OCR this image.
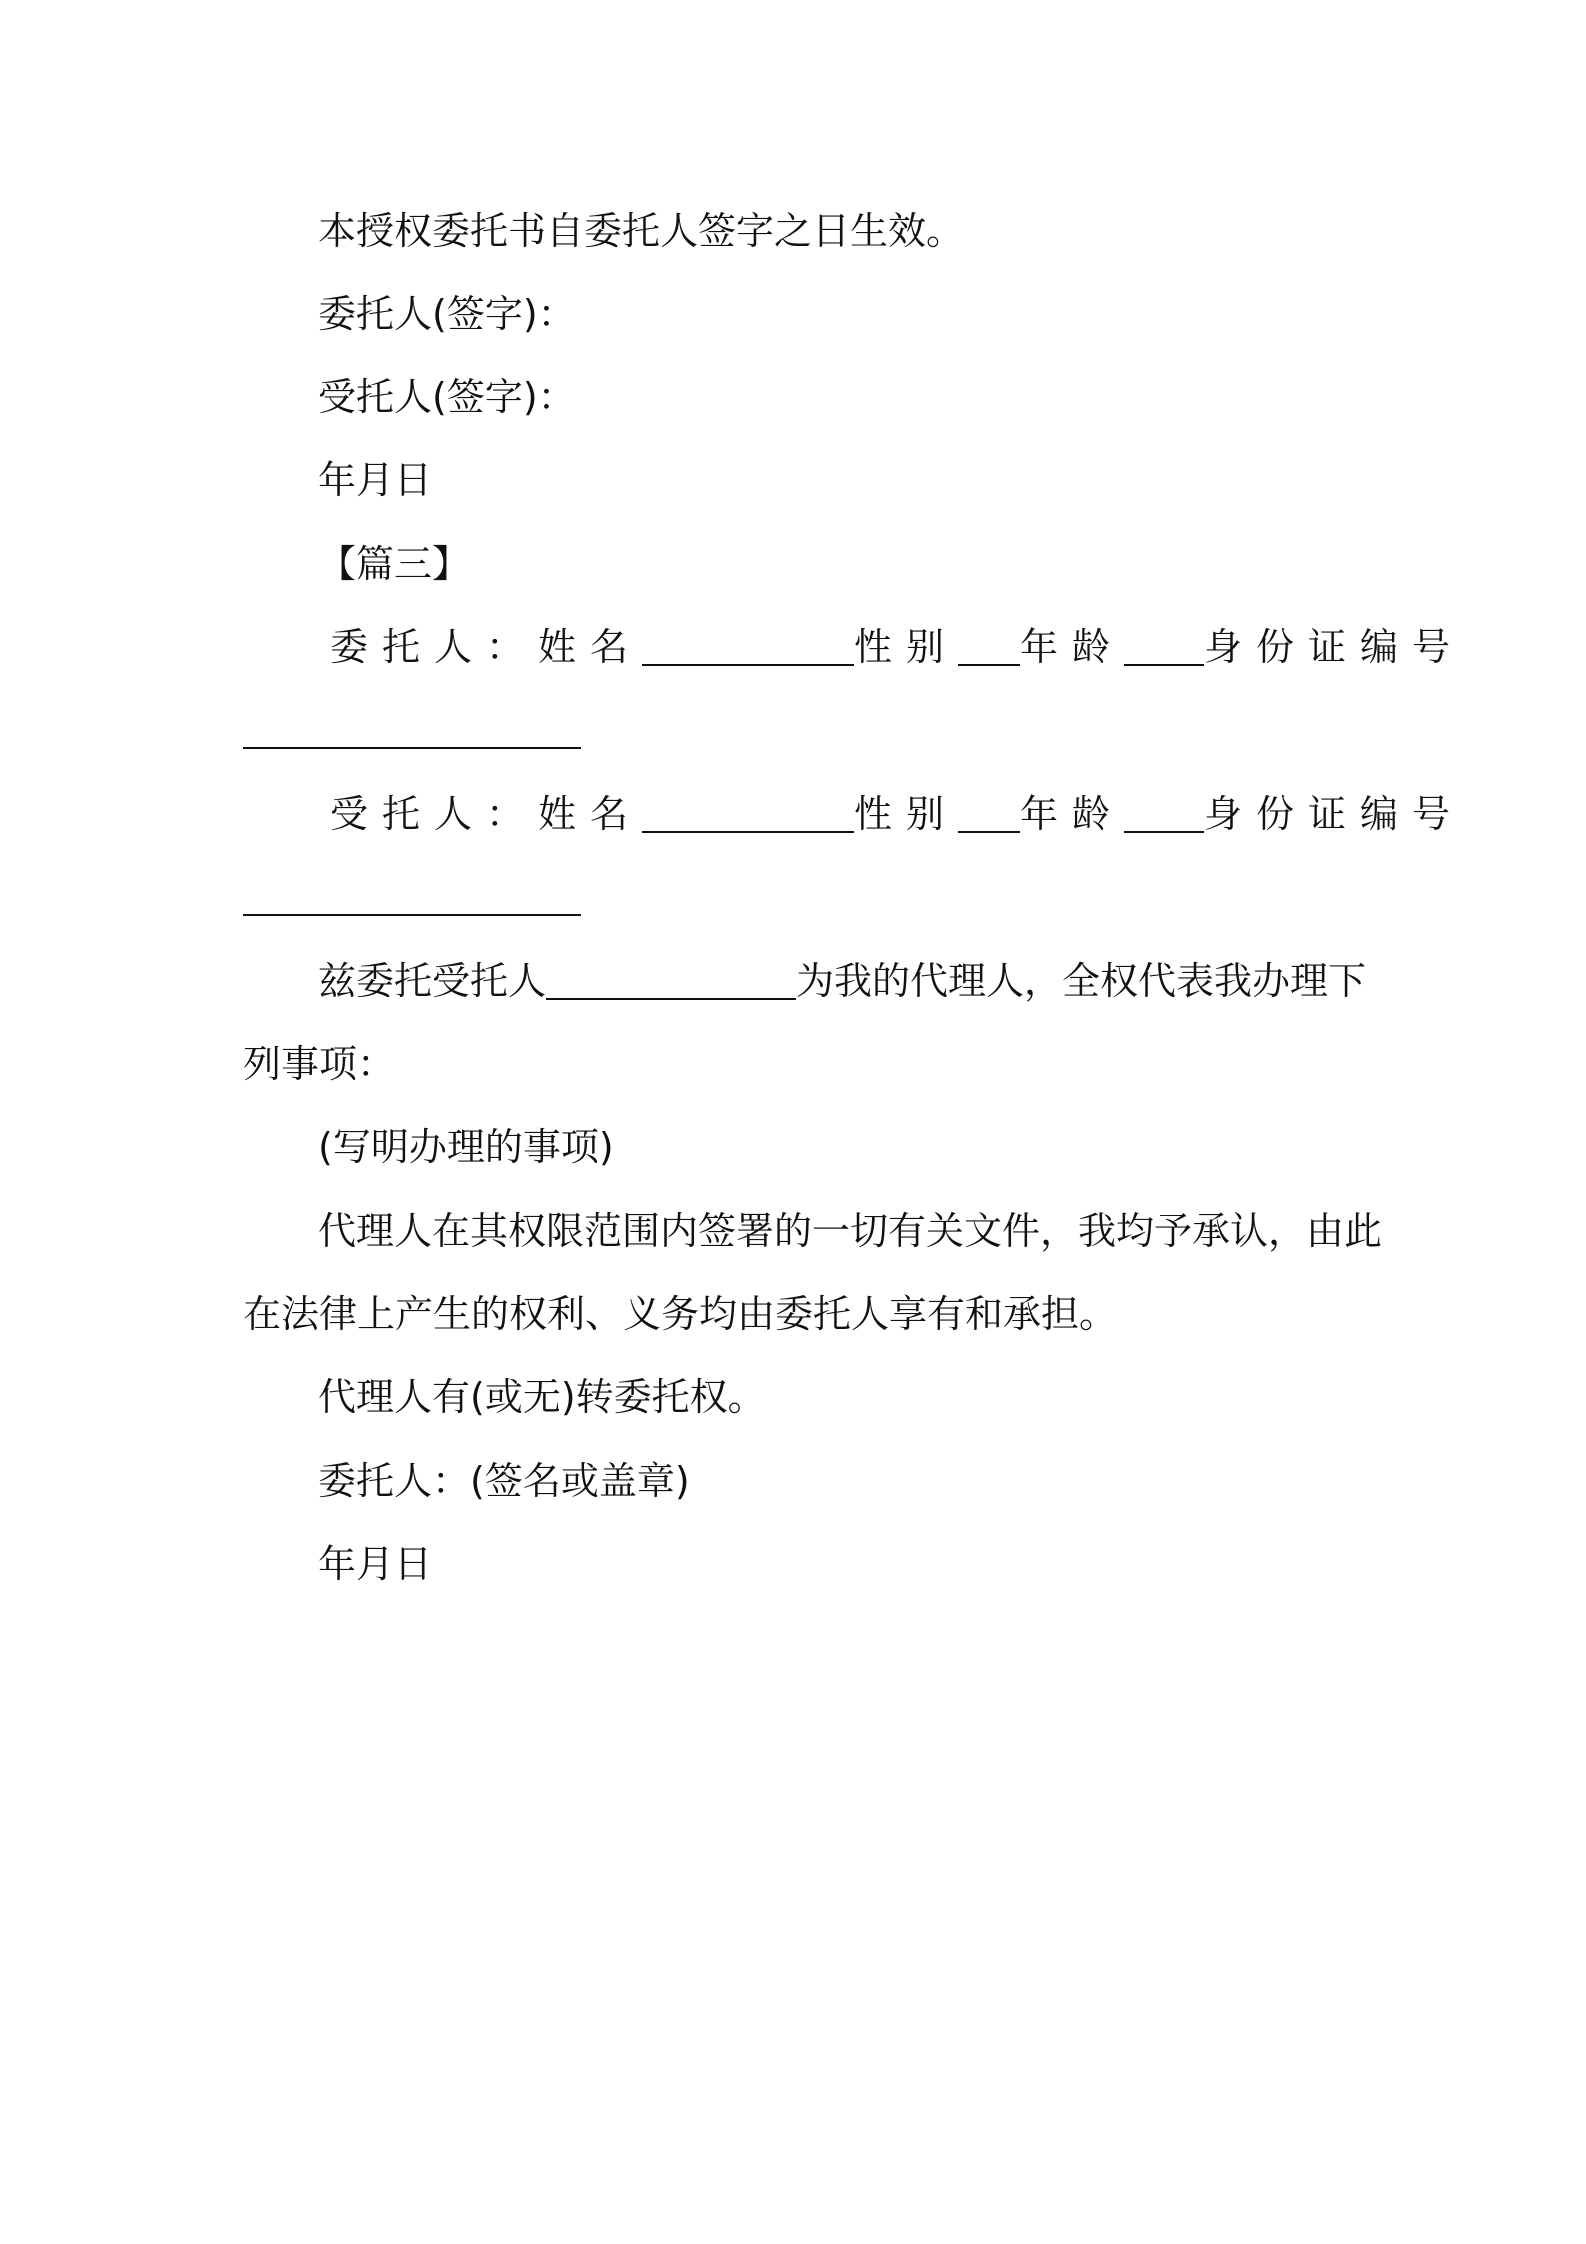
本授权委托书自委托人签字之日生效。
委托人(签字)：
受托人(签字)：
年月日
【篇三】
委托人：姓名	性别 年龄 身份证编号
受托人：姓名	性别 年龄 身份证编号
兹委托受托人	为我的代理人，全权代表我办理下
列事项：
(写明办理的事项)
代理人在其权限范围内签署的一切有关文件，我均予承认，由此
在法律上产生的权利、义务均由委托人享有和承担。
代理人有(或无)转委托权。
委托人：(签名或盖章)
年月日
